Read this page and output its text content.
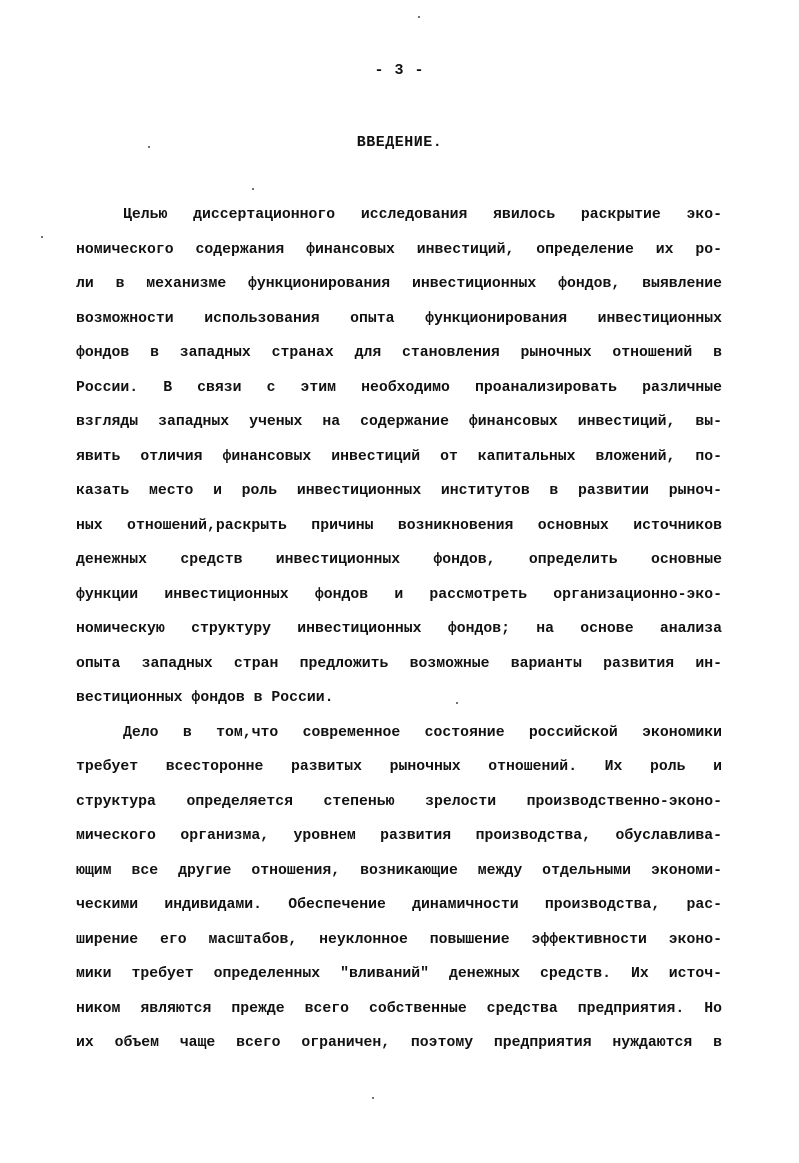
- 3 -
ВВЕДЕНИЕ.
Целью диссертационного исследования явилось раскрытие эко-
номического содержания финансовых инвестиций, определение их ро-
ли в механизме функционирования инвестиционных фондов, выявление
возможности использования опыта функционирования инвестиционных
фондов в западных странах для становления рыночных отношений в
России. В связи с этим необходимо проанализировать различные
взгляды западных ученых на содержание финансовых инвестиций, вы-
явить отличия финансовых инвестиций от капитальных вложений, по-
казать место и роль инвестиционных институтов в развитии рыноч-
ных отношений,раскрыть причины возникновения основных источников
денежных средств инвестиционных фондов, определить основные
функции инвестиционных фондов и рассмотреть организационно-эко-
номическую структуру инвестиционных фондов; на основе анализа
опыта западных стран предложить возможные варианты развития ин-
вестиционных фондов в России.
Дело в том,что современное состояние российской экономики
требует всесторонне развитых рыночных отношений. Их роль и
структура определяется степенью зрелости производственно-эконо-
мического организма, уровнем развития производства, обуславлива-
ющим все другие отношения, возникающие между отдельными экономи-
ческими индивидами. Обеспечение динамичности производства, рас-
ширение его масштабов, неуклонное повышение эффективности эконо-
мики требует определенных "вливаний" денежных средств. Их источ-
ником являются прежде всего собственные средства предприятия. Но
их объем чаще всего ограничен, поэтому предприятия нуждаются в
